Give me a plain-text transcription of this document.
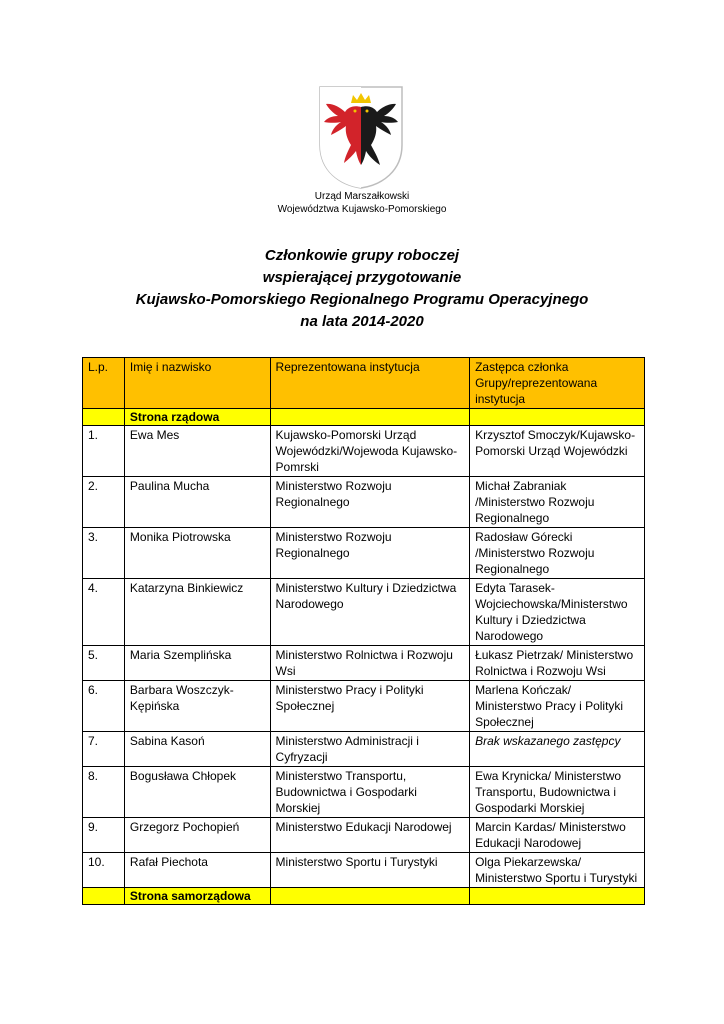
Urząd Marszałkowski
Województwa Kujawsko-Pomorskiego
Członkowie grupy roboczej
wspierającej przygotowanie
Kujawsko-Pomorskiego Regionalnego Programu Operacyjnego
na lata 2014-2020
L.p.	Imię i nazwisko	Reprezentowana instytucja	Zastępca członka Grupy/reprezentowana instytucja

	Strona rządowa		

1.	Ewa Mes	Kujawsko-Pomorski Urząd Wojewódzki/Wojewoda Kujawsko-Pomrski	Krzysztof Smoczyk/Kujawsko-Pomorski Urząd Wojewódzki
2.	Paulina Mucha	Ministerstwo Rozwoju Regionalnego	Michał Zabraniak /Ministerstwo Rozwoju Regionalnego
3.	Monika Piotrowska	Ministerstwo Rozwoju Regionalnego	Radosław Górecki /Ministerstwo Rozwoju Regionalnego
4.	Katarzyna Binkiewicz	Ministerstwo Kultury i Dziedzictwa Narodowego	Edyta Tarasek-Wojciechowska/Ministerstwo Kultury i Dziedzictwa Narodowego
5.	Maria Szemplińska	Ministerstwo Rolnictwa i Rozwoju Wsi	Łukasz Pietrzak/ Ministerstwo Rolnictwa i Rozwoju Wsi
6.	Barbara Woszczyk-Kępińska	Ministerstwo Pracy i Polityki Społecznej	Marlena Kończak/ Ministerstwo Pracy i Polityki Społecznej
7.	Sabina Kasoń	Ministerstwo Administracji i Cyfryzacji	Brak wskazanego zastępcy
8.	Bogusława Chłopek	Ministerstwo Transportu, Budownictwa i Gospodarki Morskiej	Ewa Krynicka/ Ministerstwo Transportu, Budownictwa i Gospodarki Morskiej
9.	Grzegorz Pochopień	Ministerstwo Edukacji Narodowej	Marcin Kardas/ Ministerstwo Edukacji Narodowej
10.	Rafał Piechota	Ministerstwo Sportu i Turystyki	Olga Piekarzewska/ Ministerstwo Sportu i Turystyki

	Strona samorządowa		
